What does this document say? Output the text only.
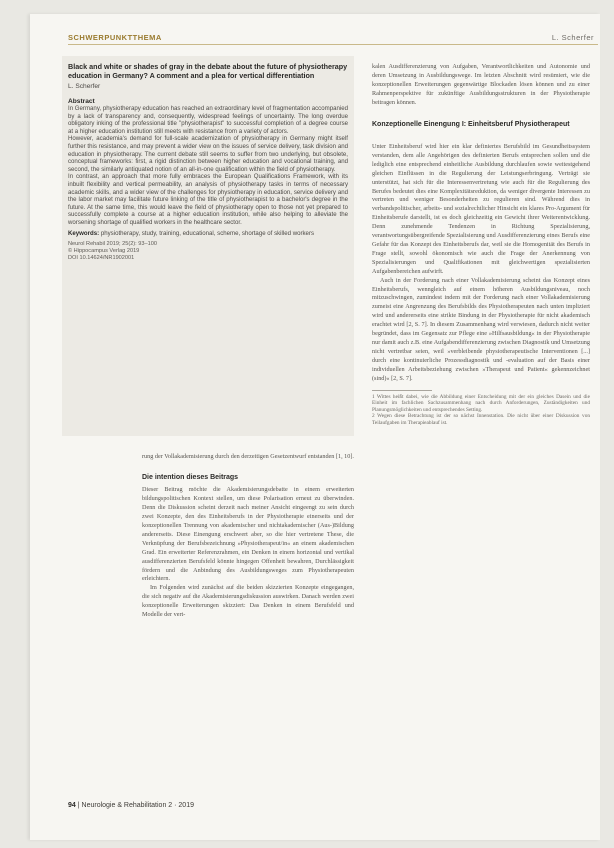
SCHWERPUNKTTHEMA	L. Scherfer
Black and white or shades of gray in the debate about the future of physiotherapy education in Germany? A comment and a plea for vertical differentiation
L. Scherfer
Abstract

In Germany, physiotherapy education has reached an extraordinary level of fragmentation accompanied by a lack of transparency and, consequently, widespread feelings of uncertainty. The long overdue obligatory inking of the professional title "physiotherapist" to successful completion of a degree course at a higher education institution still meets with resistance from a variety of actors.

However, academia's demand for full-scale academization of physiotherapy in Germany might itself further this resistance, and may prevent a wider view on the issues of service delivery, task division and education in physiotherapy. The current debate still seems to suffer from two underlying, but obsolete, conceptual frameworks: first, a rigid distinction between higher education and vocational training, and second, the similarly antiquated notion of an all-in-one qualification within the field of physiotherapy.

In contrast, an approach that more fully embraces the European Qualifications Framework, with its inbuilt flexibility and vertical permeability, an analysis of physiotherapy tasks in terms of necessary academic skills, and a wider view of the challenges for physiotherapy in education, service delivery and the labor market may facilitate future linking of the title of physiotherapist to a bachelor's degree in the future. At the same time, this would leave the field of physiotherapy open to those not yet prepared to successfully complete a course at a higher education institution, while also helping to alleviate the worsening shortage of qualified workers in the healthcare sector.

Keywords: physiotherapy, study, training, educational, scheme, shortage of skilled workers
Neurol Rehabil 2019; 25(2): 93–100
© Hippocampus Verlag 2019
DOI 10.14624/NR1902001

rung der Vollakademisierung durch den derzeitigen Gesetzentwurf entstanden [1, 10].

Die intention dieses Beitrags

Dieser Beitrag möchte die Akademisierungsdebatte in einem erweiterten bildungspolitischen Kontext stellen, um diese Polarisation erneut zu überwinden. Denn die Diskussion scheint derzeit nach meiner Ansicht eingeengt zu sein durch zwei Konzepte, den des Einheitsberufs in der Physiotherapie einerseits und der konzeptionellen Trennung von akademischer und nichtakademischer (Aus-)Bildung andererseits. Diese Einengung erschwert aber, so die hier vertretene These, die Verknüpfung der Berufsbezeichnung »Physiotherapeut/in« an einem akademischen Grad. Ein erweiterter Referenzrahmen, ein Denken in einem horizontal und vertikal ausdifferenzierten Berufsfeld könnte hingegen Offenheit bewahren, Durchlässigkeit fördern und die Anbindung des Ausbildungsweges zum Physiotherapeuten erleichtern.

Im Folgenden wird zunächst auf die beiden skizzierten Konzepte eingegangen, die sich negativ auf die Akademisierungsdiskussion auswirken. Danach werden zwei konzeptionelle Erweiterungen skizziert: Das Denken in einem Berufsfeld und Modelle der vert-

kalen Ausdifferenzierung von Aufgaben, Verantwortlichkeiten und Autonomie und deren Umsetzung in Ausbildungswege. Im letzten Abschnitt wird resümiert, wie die konzeptionellen Erweiterungen gegenwärtige Blockaden lösen können und zu einer Rahmenperspektive für zukünftige Ausbildungsstrukturen in der Physiotherapie beitragen können.

Konzeptionelle Einengung I: Einheitsberuf Physiotherapeut

Unter Einheitsberuf wird hier ein klar definiertes Berufsbild im Gesundheitssystem verstanden, dem alle Angehörigen des definierten Berufs entsprechen sollen und die lediglich eine entsprechend einheitliche Ausbildung durchlaufen sowie weitestgehend gleichen Einflüssen in die Regulierung der Leistungserbringung. Verträgt sie unterstützt, hat sich für die Interessenvertretung wie auch für die Regulierung des Berufes bedeutet dies eine Komplexitätsreduktion, da weniger divergente Interessen zu vertreten und weniger Besonderheiten zu regulieren sind. Während dies in verbandspolitischer, arbeits- und sozialrechtlicher Hinsicht ein klares Pro-Argument für Einheitsberufe darstellt, ist es doch gleichzeitig ein Gewicht ihrer Weiterentwicklung. Denn zunehmende Tendenzen in Richtung Spezialisierung, verantwortungsübergreifende Spezialisierung und Ausdifferenzierung eines Berufs eine Gefahr für das Konzept des Einheitsberufs dar, weil sie die Homogenität des Berufs in Frage stellt, sowohl ökonomisch wie auch die Frage der Anerkennung von Spezialisierungen und Qualifikationen mit gleichwertigen spezialisierten Aufgabenbereichen aufwirft.

Auch in der Forderung nach einer Vollakademisierung scheint das Konzept eines Einheitsberufs, wenngleich auf einem höheren Ausbildungsniveau, noch mitzuschwingen, zumindest indem mit der Forderung nach einer Vollakademisierung zumeist eine Angrenzung des Berufsbilds des Physiotherapeuten nach unten impliziert wird und andererseits eine strikte Bindung in der Physiotherapie für nicht akademisch erachtet wird [2, S. 7]. In diesem Zusammenhang wird verwiesen, dadurch nicht weiter begründet, dass im Gegensatz zur Pflege eine »Hilfsausbildung« in der Physiotherapie nur damit auch z.B. eine Aufgabendifferenzierung zwischen Diagnostik und Umsetzung nicht vertretbar seien, weil »verbleibende physiotherapeutische Interventionen [...] durch eine kontinuierliche Prozessdiagnostik und -evaluation auf der Basis einer individuellen Arbeitsbeziehung zwischen »Therapeut und Patient« gekennzeichnet (sind)« [2, S. 7].

1 Wittes heißt dabei, wie die Abbildung einer Entscheidung mit der ein gleiches Dasein und die Einheit im fachlichen Sachzusammenhang nach durch Anforderungen, Zuständigkeiten und Planungsmöglichkeiten und entsprechendes Setting.

2 Wegen diese Betrachtung ist der so nächst Innenstation. Die nicht über einer Diskussion von Teilaufgaben im Therapieablauf ist.

94 | Neurologie & Rehabilitation 2 · 2019
